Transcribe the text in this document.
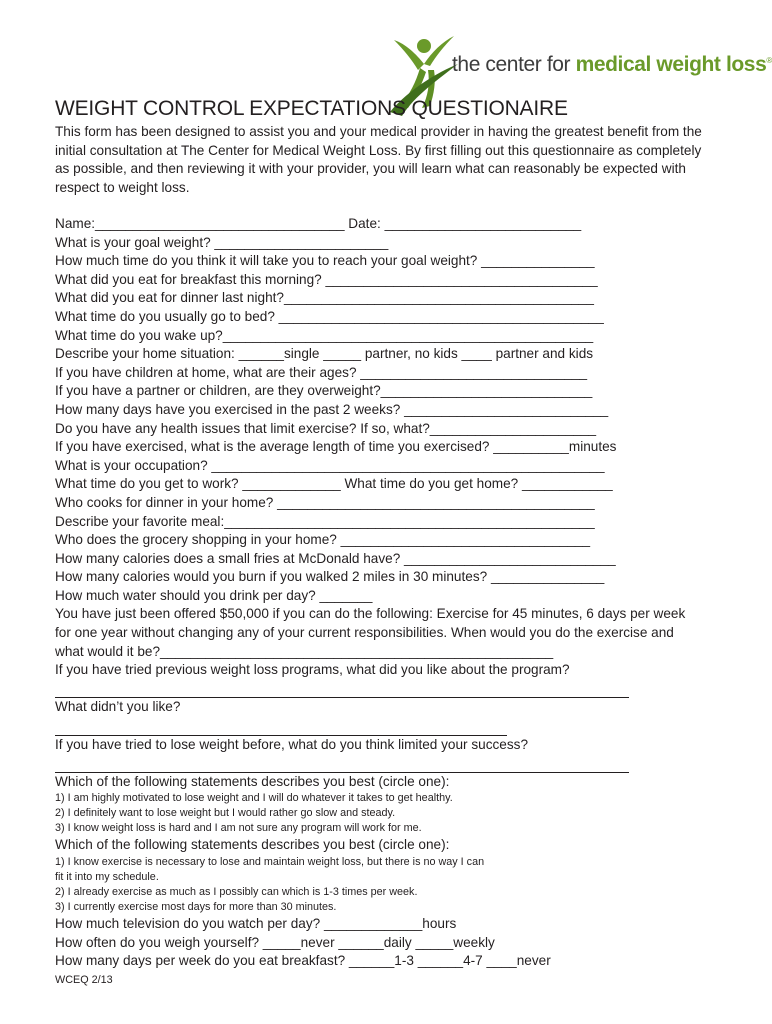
the center for medical weight loss®
WEIGHT CONTROL EXPECTATIONS QUESTIONAIRE
This form has been designed to assist you and your medical provider in having the greatest benefit from the initial consultation at The Center for Medical Weight Loss. By first filling out this questionnaire as completely as possible, and then reviewing it with your provider, you will learn what can reasonably be expected with respect to weight loss.
Name:_________________________________ Date: __________________________
What is your goal weight? _______________________
How much time do you think it will take you to reach your goal weight? _______________
What did you eat for breakfast this morning? ____________________________________
What did you eat for dinner last night?_________________________________________
What time do you usually go to bed? ___________________________________________
What time do you wake up?_________________________________________________
Describe your home situation: ______single _____ partner, no kids ____ partner and kids
If you have children at home, what are their ages? ______________________________
If you have a partner or children, are they overweight?____________________________
How many days have you exercised in the past 2 weeks? ___________________________
Do you have any health issues that limit exercise? If so, what?______________________
If you have exercised, what is the average length of time you exercised? __________minutes
What is your occupation? ____________________________________________________
What time do you get to work? _____________ What time do you get home? ____________
Who cooks for dinner in your home? __________________________________________
Describe your favorite meal:_________________________________________________
Who does the grocery shopping in your home? _________________________________
How many calories does a small fries at McDonald have? ____________________________
How many calories would you burn if you walked 2 miles in 30 minutes? _______________
How much water should you drink per day? _______
You have just been offered $50,000 if you can do the following: Exercise for 45 minutes, 6 days per week for one year without changing any of your current responsibilities. When would you do the exercise and what would it be?____________________________________________________
If you have tried previous weight loss programs, what did you like about the program?
What didn’t you like?
If you have tried to lose weight before, what do you think limited your success?
Which of the following statements describes you best (circle one):
1) I am highly motivated to lose weight and I will do whatever it takes to get healthy.
2) I definitely want to lose weight but I would rather go slow and steady.
3) I know weight loss is hard and I am not sure any program will work for me.
Which of the following statements describes you best (circle one):
1) I know exercise is necessary to lose and maintain weight loss, but there is no way I can
fit it into my schedule.
2) I already exercise as much as I possibly can which is 1-3 times per week.
3) I currently exercise most days for more than 30 minutes.
How much television do you watch per day? _____________hours
How often do you weigh yourself? _____never ______daily _____weekly
How many days per week do you eat breakfast? ______1-3 ______4-7 ____never
WCEQ 2/13
